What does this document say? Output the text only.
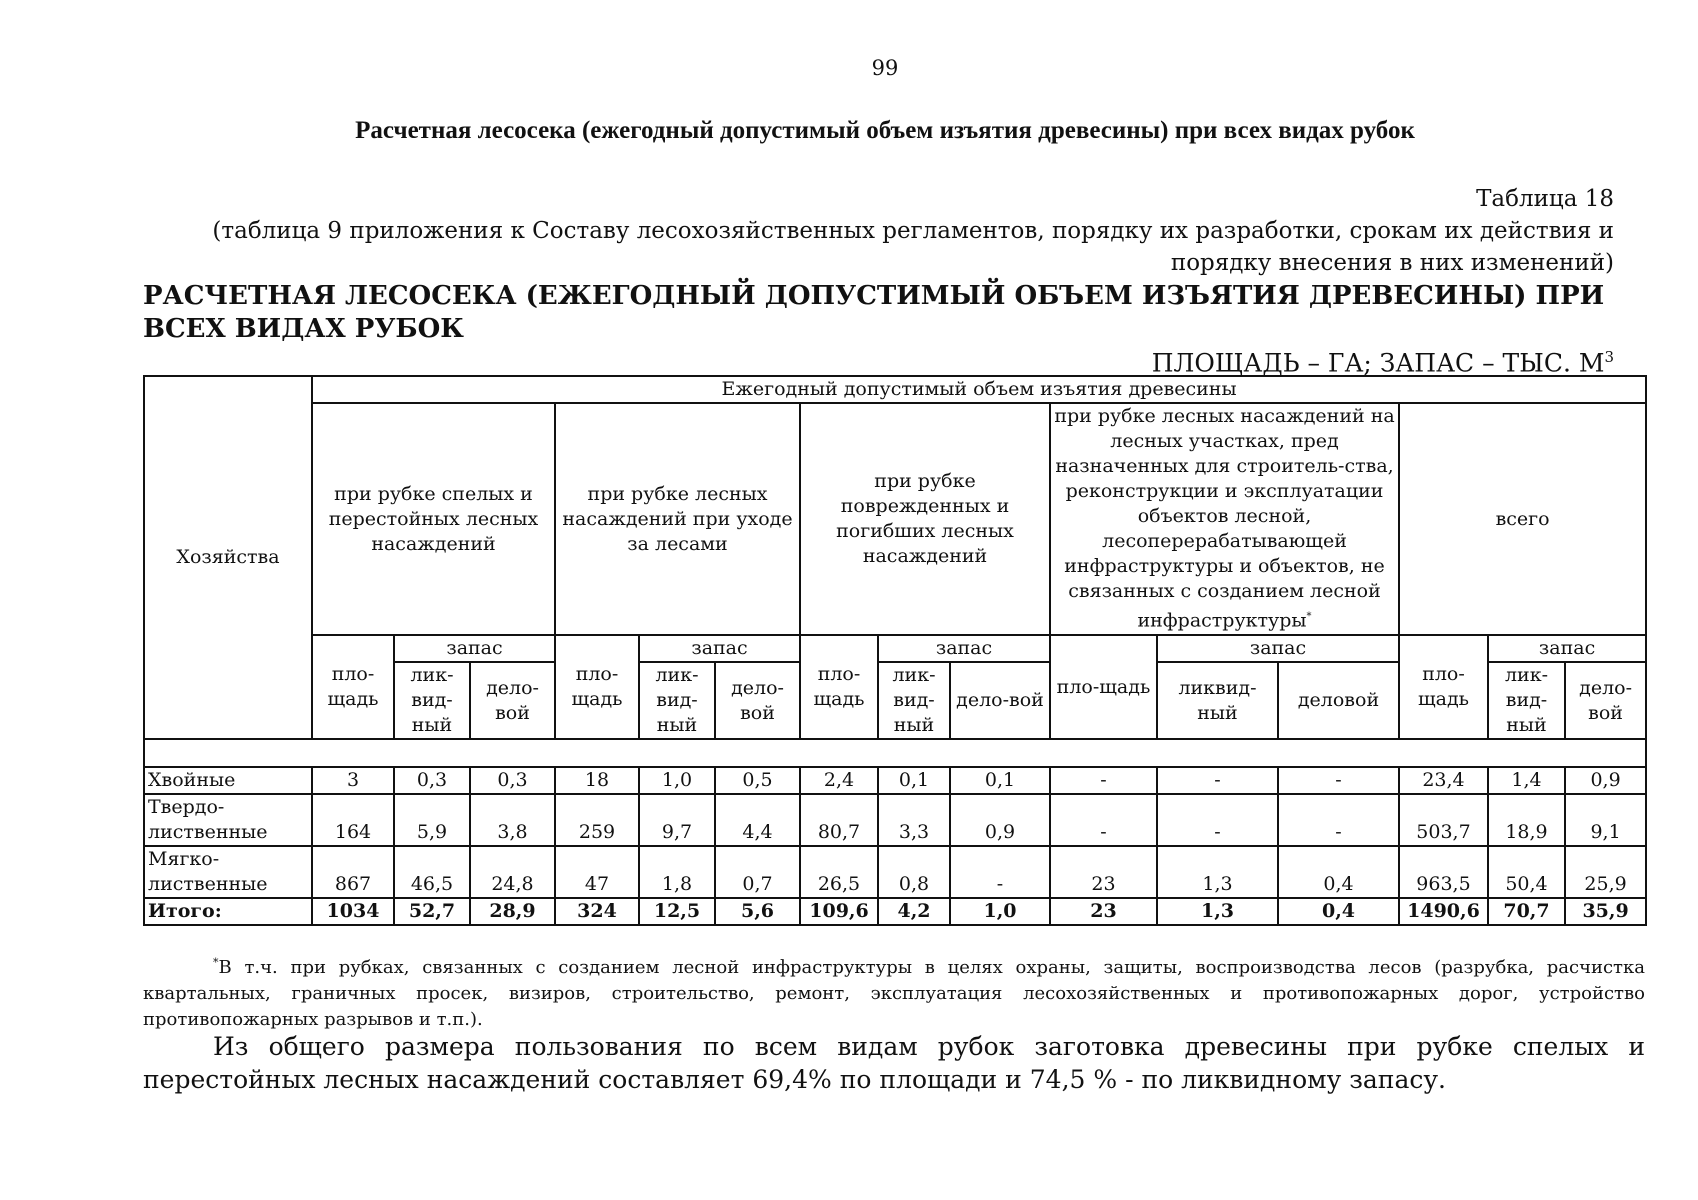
99
Расчетная лесосека (ежегодный допустимый объем изъятия древесины) при всех видах рубок
Таблица 18
(таблица 9 приложения к Составу лесохозяйственных регламентов, порядку их разработки, срокам их действия и порядку внесения в них изменений)
РАСЧЕТНАЯ ЛЕСОСЕКА (ЕЖЕГОДНЫЙ ДОПУСТИМЫЙ ОБЪЕМ ИЗЪЯТИЯ ДРЕВЕСИНЫ) ПРИ ВСЕХ ВИДАХ РУБОК
ПЛОЩАДЬ – ГА; ЗАПАС – ТЫС. $М^3$
Хозяйства	Ежегодный допустимый объем изъятия древесины														
	при рубке спелых и перестойных лесных насаждений			при рубке лесных насаждений при уходе за лесами			при рубке поврежденных и погибших лесных насаждений			при рубке лесных насаждений на лесных участках, пред назначенных для строитель-ства, реконструкции и эксплуатации объектов лесной, лесоперерабатывающей инфраструктуры и объектов, не связанных с созданием лесной инфраструктуры*			всего		
	пло-щадь	запас		пло-щадь	запас		пло-щадь	запас		пло-щадь	запас		пло-щадь	запас	
		лик-вид-ный	дело-вой		лик-вид-ный	дело-вой		лик-вид-ный	дело-вой		ликвид-ный	деловой		лик-вид-ный	дело-вой

Хвойные	3	0,3	0,3	18	1,0	0,5	2,4	0,1	0,1	-	-	-	23,4	1,4	0,9
Твердо-лиственные	164	5,9	3,8	259	9,7	4,4	80,7	3,3	0,9	-	-	-	503,7	18,9	9,1
Мягко-лиственные	867	46,5	24,8	47	1,8	0,7	26,5	0,8	-	23	1,3	0,4	963,5	50,4	25,9
Итого:	1034	52,7	28,9	324	12,5	5,6	109,6	4,2	1,0	23	1,3	0,4	1490,6	70,7	35,9
*В т.ч. при рубках, связанных с созданием лесной инфраструктуры в целях охраны, защиты, воспроизводства лесов (разрубка, расчистка квартальных, граничных просек, визиров, строительство, ремонт, эксплуатация лесохозяйственных и противопожарных дорог, устройство противопожарных разрывов и т.п.).
Из общего размера пользования по всем видам рубок заготовка древесины при рубке спелых и перестойных лесных насаждений составляет 69,4% по площади и 74,5 % - по ликвидному запасу.
